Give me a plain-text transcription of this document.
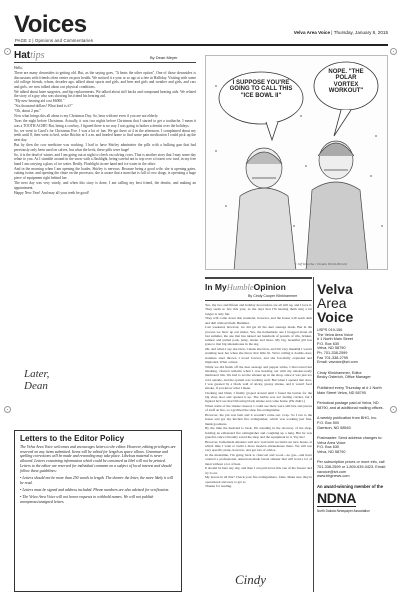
Voices
PAGE 2 | Opinions and Commentaries
Velva Area Voice | Thursday, January 8, 2015
Hattips	By Dean Meyer

Hello,

There are many downsides to getting old. But, as the saying goes, "It beats the other option". One of those downsides is discussions with friends often center on poor health. We noticed it a year or so ago at a fete in Halliday. Visiting with some old college friends, whom, decades ago, talked about sports and girls, and beer and girls and weather and girls, and cars and girls, we now talked about our physical conditions.

We talked about knee surgeries, and hip replacements. We talked about stiff backs and compound hearing aids. We related the story of a guy who was showing his friend his hearing aid.

"My new hearing aid cost $6000."

"Six thousand dollars! What kind is it?"

"Oh, about 2 pm."

Now what brings this all about is my Christmas Day. So, bear with me even if you are not elderly.

Twas the night before Christmas. Actually, it was two nights before Christmas that I started to get a toothache. I mean it was a TOOTH ACHE! But, being a cowboy, I figured there is no way I was going to bother a dentist over the holidays.

So, we went to Carol's for Christmas Eve. I was a lot of fun. We got there at 4 in the afternoon. I complained about my teeth until 8, then went to bed, woke Ritchie at 3 a.m. and headed home to find some pain medication I could pick up the next day.

But by then the cow medicine was working. I had to have Shirley administer the pills with a hulking gun that had previously only been used on calves, but what the heck, these pills were huge!

So, it is the dead of winter, and I am going out at night to check on calving cows. That is another story that I may some day relate to you. As I stumble around in the snow with a flashlight, being careful not to trip over a frozen cow turd, in my free hand I am carrying a glass of ice water. Really. Flashlight in one hand and ice water in the other.

And in the morning when I am opening the loader, Shirley is nervous. Because being a good wife, she is opening gates, cutting twine, and opening the chute on the processor, she is aware that a man that is full of cow drugs, is operating a huge piece of equipment right behind her.

The next day was very windy, and when this story is done, I am calling my best friend, the dentist, and making an appointment.

Happy New Year! And may all your teeth be good!

Later, Dean
I SUPPOSE YOU'RE GOING TO CALL THIS "ICE BOWL II"
NOPE. "THE POLAR VORTEX WORKOUT"
© Jeff Koterba / Omaha World-Herald
In MyHumbleOpinion
By Cindy Cooper Klinkhammer

Yes, my two and fifteen and holiday decorations are all still up, and I love it. They seem so few this year, as the days that I'm hearing them sing a bit longer is only fair.

They will come down this weekend, however, and the house will seem dark and dull without them. Bummer.

Last weekend, however, we did get all the deer sausage made. But in the process we blew up our mixer. Yes, the homemade one I bragged about all last summer, the one that has turned out hundreds of pounds of ribs, brisket, salmon and pulled pork, jerky, tender and more. My big, beautiful girl has gone to that big smokehouse in the sky.

Oh, and when I say she blew, I mean she blew, and I'm very thankful I wasn't standing near her when she threw that little fit. We're calling it double-door, stainless steel thrown I loved forever, and she forcefully exploded and imploded. What a mess.

While we did finish off the deer sausage and pepper sticks, I discovered her smoking, charred remains when I was heading out with my smoker-ready marinated ribs. We had to set the smoker up in the shop, since it was just too cold outside, and the system was working well. But when I opened that door, I was greeted by a black wall of sticky, greasy smoke, and it wasn't food smoke, if you know what I mean.

Choking and blind, I finally groped around until I found the button for the big shop door and opened it up. The barbie was not feeling cricket, but I figured he'd see that billowing black smoke and come home. (He didn't.)

When some of the smoke cleared, I could see there were still bits and pieces of stuff on fire, so I grabbed the shop fire extinguisher.

However, the pin was bent and it wouldn't come out. Crap. So I ran to the house and got my kitchen fire extinguisher, which was working just fine, thank goodness.

By the time the husband is back, I'm standing in the doorway of the shop, holding an exhausted fire extinguisher and coughing up a lung. But he was grateful, since I literally saved the shop and the equipment in it. Yay me!

However, homemade smokers will now wait until we build our new house, at which time I want to build a more modern smokehouse there. We will use very specific plans, however, and get lots of advice.

In the meantime, I'm going back to charcoal and wood—no gas—and have ordered a professional, American-made barrel smoker that will hold a lot of meat without a lot of heat.

It should be here any day, and then I can pull down this one of the freezer and try it out.

My lesson in all this? Check your fire extinguishers, folks. Make sure they're operational and easy to get to.

Thanks for reading.

Cindy
Letters to the Editor Policy

The Velva Area Voice welcomes and encourages letters to the editor. However, editing privileges are reserved on any items submitted. Items will be edited for length as space allows. Grammar and spelling corrections will be made and rewording may take place. Libelous material is never allowed. Letters containing information which could be construed as libel will not be printed. Letters to the editor are reserved for individual comment on a subject of local interest and should follow these guidelines:

• Letters should not be more than 250 words in length. The shorter the letter, the more likely it will be read.
• Letters must be signed and address included. Phone numbers are also advised for verification.
• The Velva Area Voice will not honor requests to withhold names. We will not publish anonymous/unsigned letters.
Velva
Area
Voice
USPS 019-156
The Velva Area Voice
# 1 North Main Street
P.O. Box 630
Velva, ND 58790
Ph. 701-338-2599
Fax 701-338-2795
Email: vavoice@srt.com
Cindy Klinkhammer, Editor
Becky Osterloh, Office Manager
Published every Thursday at # 1 North Main Street Velva, ND 58790
Periodical postage paid at Velva, ND 58790, and at additional mailing offices.
A weekly publication from BHG, Inc.
P.O. Box 500
Garrison, ND 58540
Postmaster: Send address changes to: Velva Area Voice
P.O. Box 630
Velva, ND 58790
Per subscription prices or more info, call 701-338-2599 or 1-800-639-0423. Email: vavoice@srt.com
www.bhgnews.com
An award-winning member of the
NDNA
North Dakota Newspaper Association
